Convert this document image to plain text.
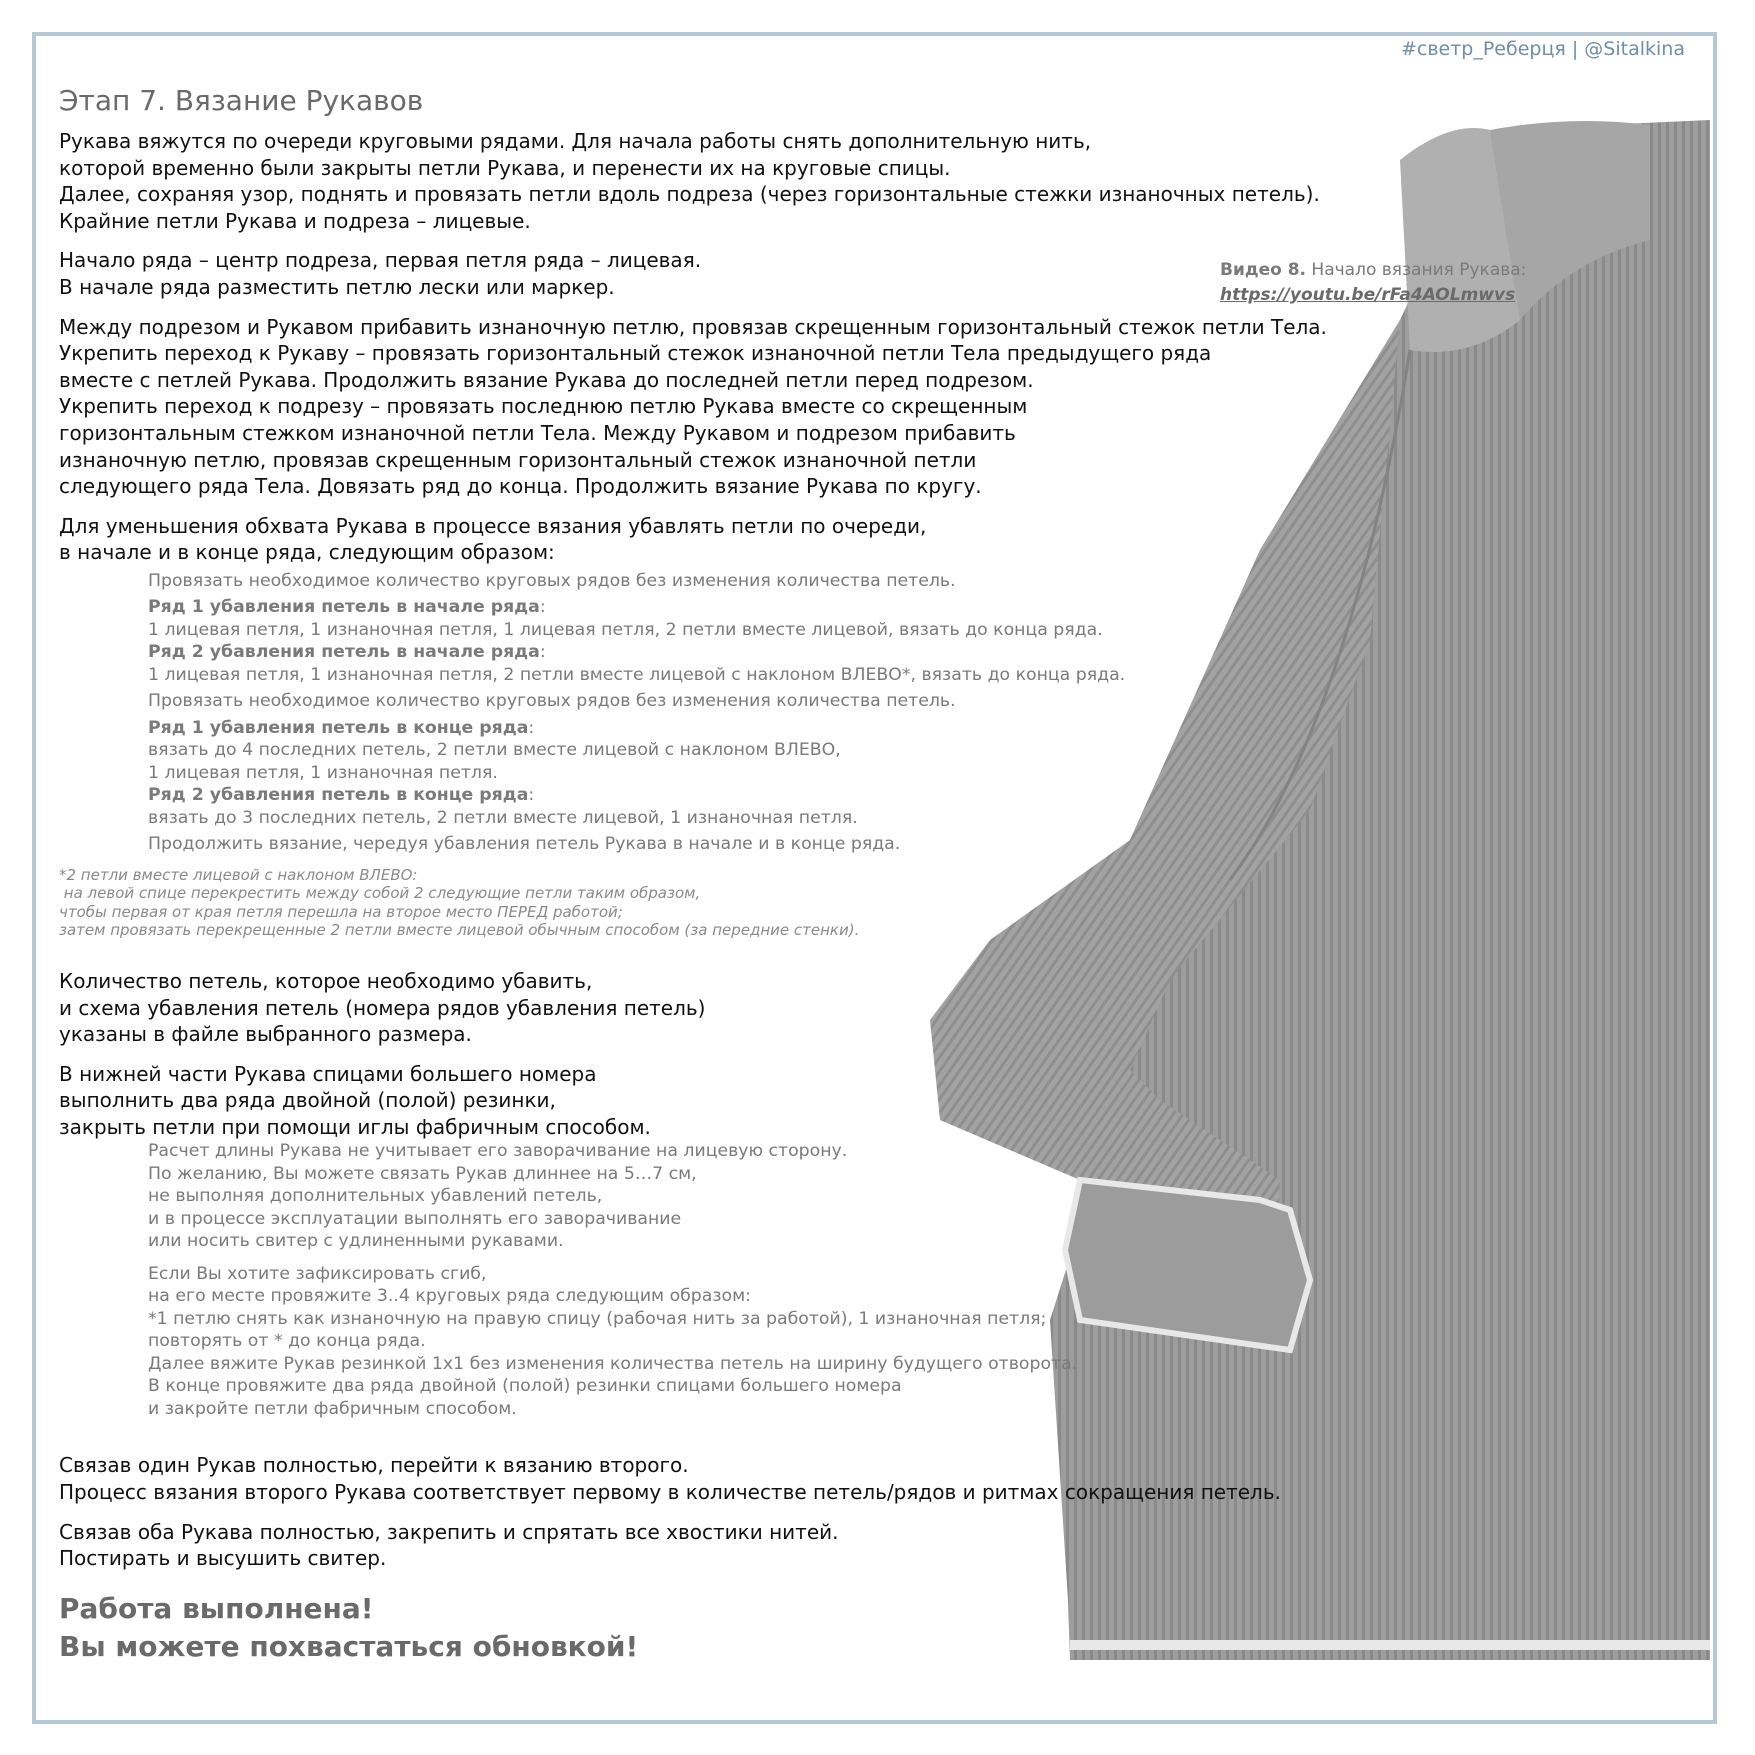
#светр_Реберця | @Sitalkina
Этап 7. Вязание Рукавов
Видео 8. Начало вязания Рукава:
https://youtu.be/rFa4AOLmwvs
Рукава вяжутся по очереди круговыми рядами. Для начала работы снять дополнительную нить,
которой временно были закрыты петли Рукава, и перенести их на круговые спицы.
Далее, сохраняя узор, поднять и провязать петли вдоль подреза (через горизонтальные стежки изнаночных петель).
Крайние петли Рукава и подреза – лицевые.
Начало ряда – центр подреза, первая петля ряда – лицевая.
В начале ряда разместить петлю лески или маркер.
Между подрезом и Рукавом прибавить изнаночную петлю, провязав скрещенным горизонтальный стежок петли Тела.
Укрепить переход к Рукаву – провязать горизонтальный стежок изнаночной петли Тела предыдущего ряда
вместе с петлей Рукава. Продолжить вязание Рукава до последней петли перед подрезом.
Укрепить переход к подрезу – провязать последнюю петлю Рукава вместе со скрещенным
горизонтальным стежком изнаночной петли Тела. Между Рукавом и подрезом прибавить
изнаночную петлю, провязав скрещенным горизонтальный стежок изнаночной петли
следующего ряда Тела. Довязать ряд до конца. Продолжить вязание Рукава по кругу.
Для уменьшения обхвата Рукава в процессе вязания убавлять петли по очереди,
в начале и в конце ряда, следующим образом:
Провязать необходимое количество круговых рядов без изменения количества петель.
Ряд 1 убавления петель в начале ряда:
1 лицевая петля, 1 изнаночная петля, 1 лицевая петля, 2 петли вместе лицевой, вязать до конца ряда.
Ряд 2 убавления петель в начале ряда:
1 лицевая петля, 1 изнаночная петля, 2 петли вместе лицевой с наклоном ВЛЕВО*, вязать до конца ряда.
Провязать необходимое количество круговых рядов без изменения количества петель.
Ряд 1 убавления петель в конце ряда:
вязать до 4 последних петель, 2 петли вместе лицевой с наклоном ВЛЕВО,
1 лицевая петля, 1 изнаночная петля.
Ряд 2 убавления петель в конце ряда:
вязать до 3 последних петель, 2 петли вместе лицевой, 1 изнаночная петля.
Продолжить вязание, чередуя убавления петель Рукава в начале и в конце ряда.
*2 петли вместе лицевой с наклоном ВЛЕВО:
на левой спице перекрестить между собой 2 следующие петли таким образом,
чтобы первая от края петля перешла на второе место ПЕРЕД работой;
затем провязать перекрещенные 2 петли вместе лицевой обычным способом (за передние стенки).
Количество петель, которое необходимо убавить,
и схема убавления петель (номера рядов убавления петель)
указаны в файле выбранного размера.
В нижней части Рукава спицами большего номера
выполнить два ряда двойной (полой) резинки,
закрыть петли при помощи иглы фабричным способом.
Расчет длины Рукава не учитывает его заворачивание на лицевую сторону.
По желанию, Вы можете связать Рукав длиннее на 5…7 см,
не выполняя дополнительных убавлений петель,
и в процессе эксплуатации выполнять его заворачивание
или носить свитер с удлиненными рукавами.
Если Вы хотите зафиксировать сгиб,
на его месте провяжите 3..4 круговых ряда следующим образом:
*1 петлю снять как изнаночную на правую спицу (рабочая нить за работой), 1 изнаночная петля;
повторять от * до конца ряда.
Далее вяжите Рукав резинкой 1х1 без изменения количества петель на ширину будущего отворота.
В конце провяжите два ряда двойной (полой) резинки спицами большего номера
и закройте петли фабричным способом.
Связав один Рукав полностью, перейти к вязанию второго.
Процесс вязания второго Рукава соответствует первому в количестве петель/рядов и ритмах сокращения петель.
Связав оба Рукава полностью, закрепить и спрятать все хвостики нитей.
Постирать и высушить свитер.
Работа выполнена!
Вы можете похвастаться обновкой!
